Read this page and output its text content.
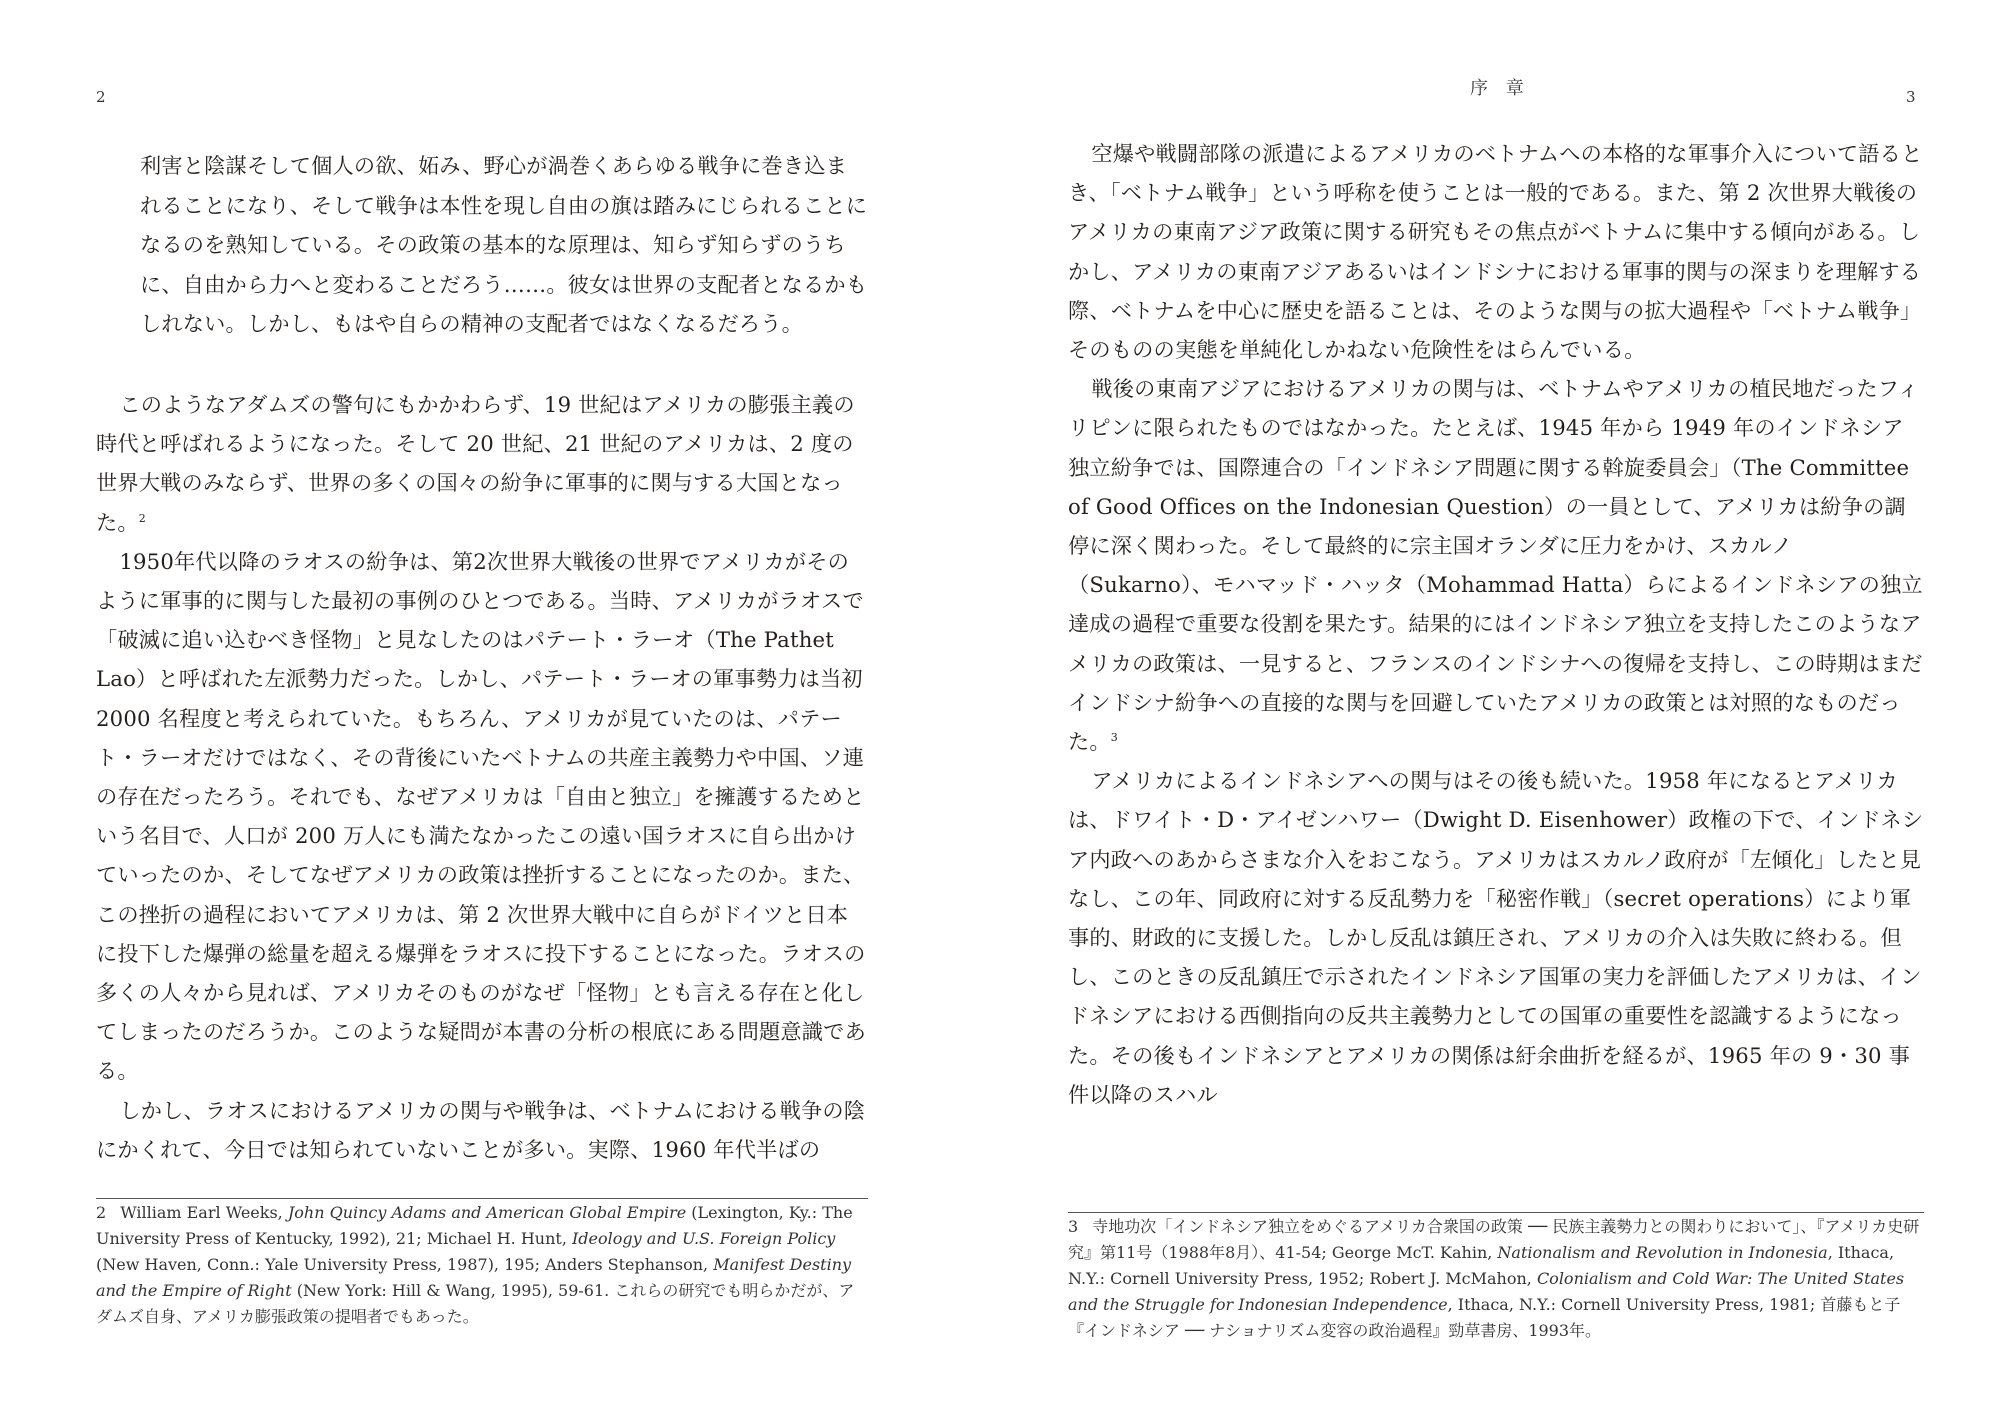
2
利害と陰謀そして個人の欲、妬み、野心が渦巻くあらゆる戦争に巻き込まれることになり、そして戦争は本性を現し自由の旗は踏みにじられることになるのを熟知している。その政策の基本的な原理は、知らず知らずのうちに、自由から力へと変わることだろう……。彼女は世界の支配者となるかもしれない。しかし、もはや自らの精神の支配者ではなくなるだろう。

このようなアダムズの警句にもかかわらず、19 世紀はアメリカの膨張主義の時代と呼ばれるようになった。そして 20 世紀、21 世紀のアメリカは、2 度の世界大戦のみならず、世界の多くの国々の紛争に軍事的に関与する大国となった。$^2$

1950年代以降のラオスの紛争は、第2次世界大戦後の世界でアメリカがそのように軍事的に関与した最初の事例のひとつである。当時、アメリカがラオスで「破滅に追い込むべき怪物」と見なしたのはパテート・ラーオ（The Pathet Lao）と呼ばれた左派勢力だった。しかし、パテート・ラーオの軍事勢力は当初 2000 名程度と考えられていた。もちろん、アメリカが見ていたのは、パテート・ラーオだけではなく、その背後にいたベトナムの共産主義勢力や中国、ソ連の存在だったろう。それでも、なぜアメリカは「自由と独立」を擁護するためという名目で、人口が 200 万人にも満たなかったこの遠い国ラオスに自ら出かけていったのか、そしてなぜアメリカの政策は挫折することになったのか。また、この挫折の過程においてアメリカは、第 2 次世界大戦中に自らがドイツと日本に投下した爆弾の総量を超える爆弾をラオスに投下することになった。ラオスの多くの人々から見れば、アメリカそのものがなぜ「怪物」とも言える存在と化してしまったのだろうか。このような疑問が本書の分析の根底にある問題意識である。

しかし、ラオスにおけるアメリカの関与や戦争は、ベトナムにおける戦争の陰にかくれて、今日では知られていないことが多い。実際、1960 年代半ばの

2 William Earl Weeks, John Quincy Adams and American Global Empire (Lexington, Ky.: The University Press of Kentucky, 1992), 21; Michael H. Hunt, Ideology and U.S. Foreign Policy (New Haven, Conn.: Yale University Press, 1987), 195; Anders Stephanson, Manifest Destiny and the Empire of Right (New York: Hill & Wang, 1995), 59-61. これらの研究でも明らかだが、アダムズ自身、アメリカ膨張政策の提唱者でもあった。

序 章	3

空爆や戦闘部隊の派遣によるアメリカのベトナムへの本格的な軍事介入について語るとき、「ベトナム戦争」という呼称を使うことは一般的である。また、第 2 次世界大戦後のアメリカの東南アジア政策に関する研究もその焦点がベトナムに集中する傾向がある。しかし、アメリカの東南アジアあるいはインドシナにおける軍事的関与の深まりを理解する際、ベトナムを中心に歴史を語ることは、そのような関与の拡大過程や「ベトナム戦争」そのものの実態を単純化しかねない危険性をはらんでいる。

戦後の東南アジアにおけるアメリカの関与は、ベトナムやアメリカの植民地だったフィリピンに限られたものではなかった。たとえば、1945 年から 1949 年のインドネシア独立紛争では、国際連合の「インドネシア問題に関する斡旋委員会」（The Committee of Good Offices on the Indonesian Question）の一員として、アメリカは紛争の調停に深く関わった。そして最終的に宗主国オランダに圧力をかけ、スカルノ（Sukarno）、モハマッド・ハッタ（Mohammad Hatta）らによるインドネシアの独立達成の過程で重要な役割を果たす。結果的にはインドネシア独立を支持したこのようなアメリカの政策は、一見すると、フランスのインドシナへの復帰を支持し、この時期はまだインドシナ紛争への直接的な関与を回避していたアメリカの政策とは対照的なものだった。$^3$

アメリカによるインドネシアへの関与はその後も続いた。1958 年になるとアメリカは、ドワイト・D・アイゼンハワー（Dwight D. Eisenhower）政権の下で、インドネシア内政へのあからさまな介入をおこなう。アメリカはスカルノ政府が「左傾化」したと見なし、この年、同政府に対する反乱勢力を「秘密作戦」（secret operations）により軍事的、財政的に支援した。しかし反乱は鎮圧され、アメリカの介入は失敗に終わる。但し、このときの反乱鎮圧で示されたインドネシア国軍の実力を評価したアメリカは、インドネシアにおける西側指向の反共主義勢力としての国軍の重要性を認識するようになった。その後もインドネシアとアメリカの関係は紆余曲折を経るが、1965 年の 9・30 事件以降のスハル

3 寺地功次「インドネシア独立をめぐるアメリカ合衆国の政策 ── 民族主義勢力との関わりにおいて」、『アメリカ史研究』第11号（1988年8月）、41-54; George McT. Kahin, Nationalism and Revolution in Indonesia, Ithaca, N.Y.: Cornell University Press, 1952; Robert J. McMahon, Colonialism and Cold War: The United States and the Struggle for Indonesian Independence, Ithaca, N.Y.: Cornell University Press, 1981; 首藤もと子『インドネシア ── ナショナリズム変容の政治過程』勁草書房、1993年。
